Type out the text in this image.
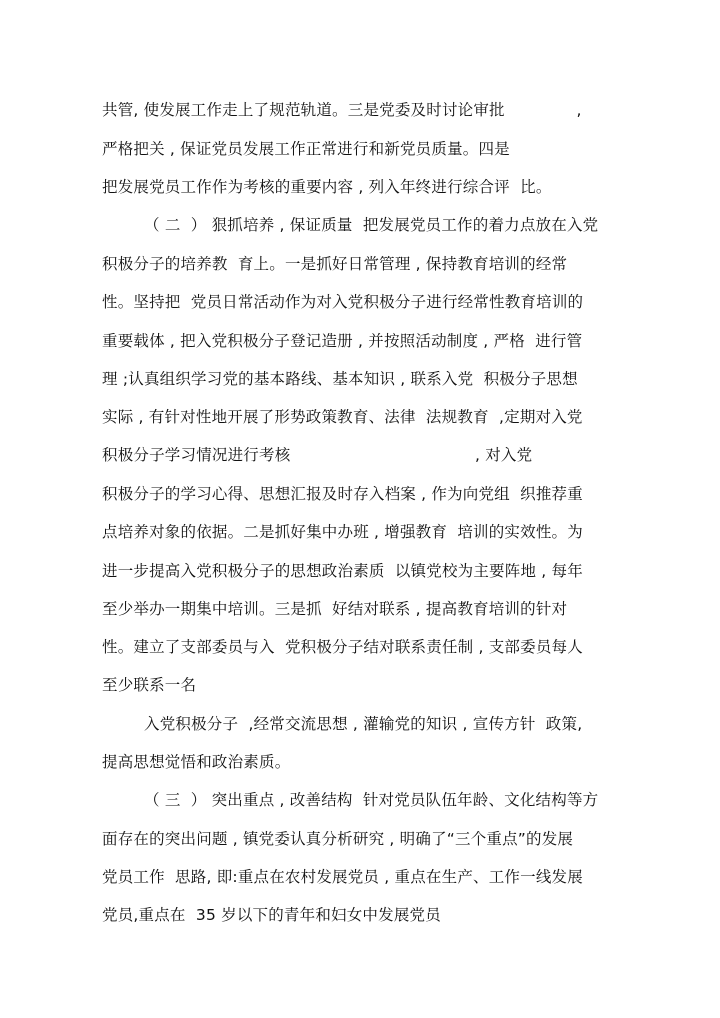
共管, 使发展工作走上了规范轨道。三是党委及时讨论审批              ,
严格把关 , 保证党员发展工作正常进行和新党员质量。四是
把发展党员工作作为考核的重要内容 , 列入年终进行综合评  比。
（ 二  ） 狠抓培养 , 保证质量  把发展党员工作的着力点放在入党
积极分子的培养教  育上。一是抓好日常管理 , 保持教育培训的经常
性。坚持把  党员日常活动作为对入党积极分子进行经常性教育培训的
重要载体 , 把入党积极分子登记造册 , 并按照活动制度 , 严格  进行管
理 ;认真组织学习党的基本路线、基本知识 , 联系入党  积极分子思想
实际 , 有针对性地开展了形势政策教育、法律  法规教育  ,定期对入党
积极分子学习情况进行考核                                    , 对入党
积极分子的学习心得、思想汇报及时存入档案 , 作为向党组  织推荐重
点培养对象的依据。二是抓好集中办班 , 增强教育  培训的实效性。为
进一步提高入党积极分子的思想政治素质  以镇党校为主要阵地 , 每年
至少举办一期集中培训。三是抓  好结对联系 , 提高教育培训的针对
性。建立了支部委员与入  党积极分子结对联系责任制 , 支部委员每人
至少联系一名
入党积极分子  ,经常交流思想 , 灌输党的知识 , 宣传方针  政策,
提高思想觉悟和政治素质。
（ 三  ） 突出重点 , 改善结构  针对党员队伍年龄、文化结构等方
面存在的突出问题 , 镇党委认真分析研究 , 明确了“三个重点”的发展
党员工作  思路, 即:重点在农村发展党员 , 重点在生产、工作一线发展
党员,重点在  35 岁以下的青年和妇女中发展党员
